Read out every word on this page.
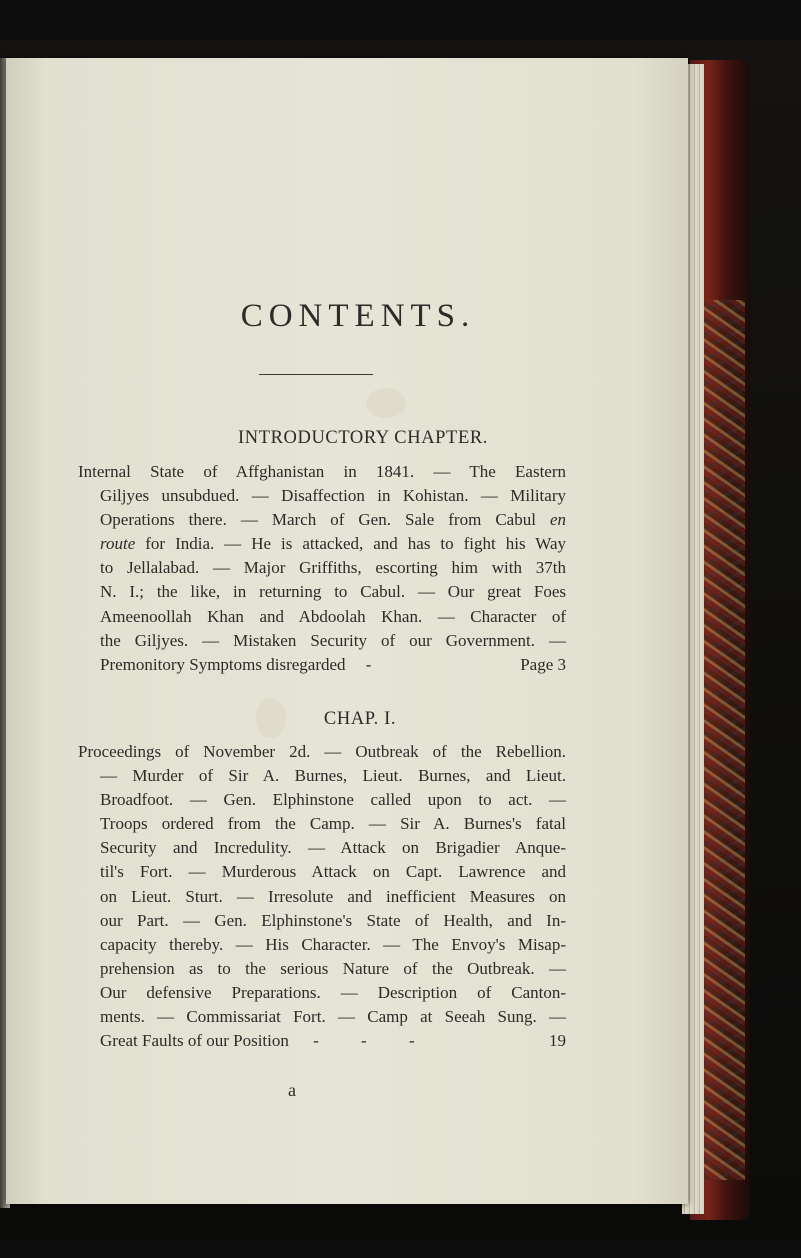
CONTENTS.
INTRODUCTORY CHAPTER.
Internal State of Affghanistan in 1841. — The Eastern
Giljyes unsubdued. — Disaffection in Kohistan. — Military
Operations there. — March of Gen. Sale from Cabul en
route for India. — He is attacked, and has to fight his Way
to Jellalabad. — Major Griffiths, escorting him with 37th
N. I.; the like, in returning to Cabul. — Our great Foes
Ameenoollah Khan and Abdoolah Khan. — Character of
the Giljyes. — Mistaken Security of our Government. —
Premonitory Symptoms disregarded -	Page 3
CHAP. I.
Proceedings of November 2d. — Outbreak of the Rebellion.
— Murder of Sir A. Burnes, Lieut. Burnes, and Lieut.
Broadfoot. — Gen. Elphinstone called upon to act. —
Troops ordered from the Camp. — Sir A. Burnes's fatal
Security and Incredulity. — Attack on Brigadier Anque-
til's Fort. — Murderous Attack on Capt. Lawrence and
on Lieut. Sturt. — Irresolute and inefficient Measures on
our Part. — Gen. Elphinstone's State of Health, and In-
capacity thereby. — His Character. — The Envoy's Misap-
prehension as to the serious Nature of the Outbreak. —
Our defensive Preparations. — Description of Canton-
ments. — Commissariat Fort. — Camp at Seeah Sung. —
Great Faults of our Position - - -	19
a
